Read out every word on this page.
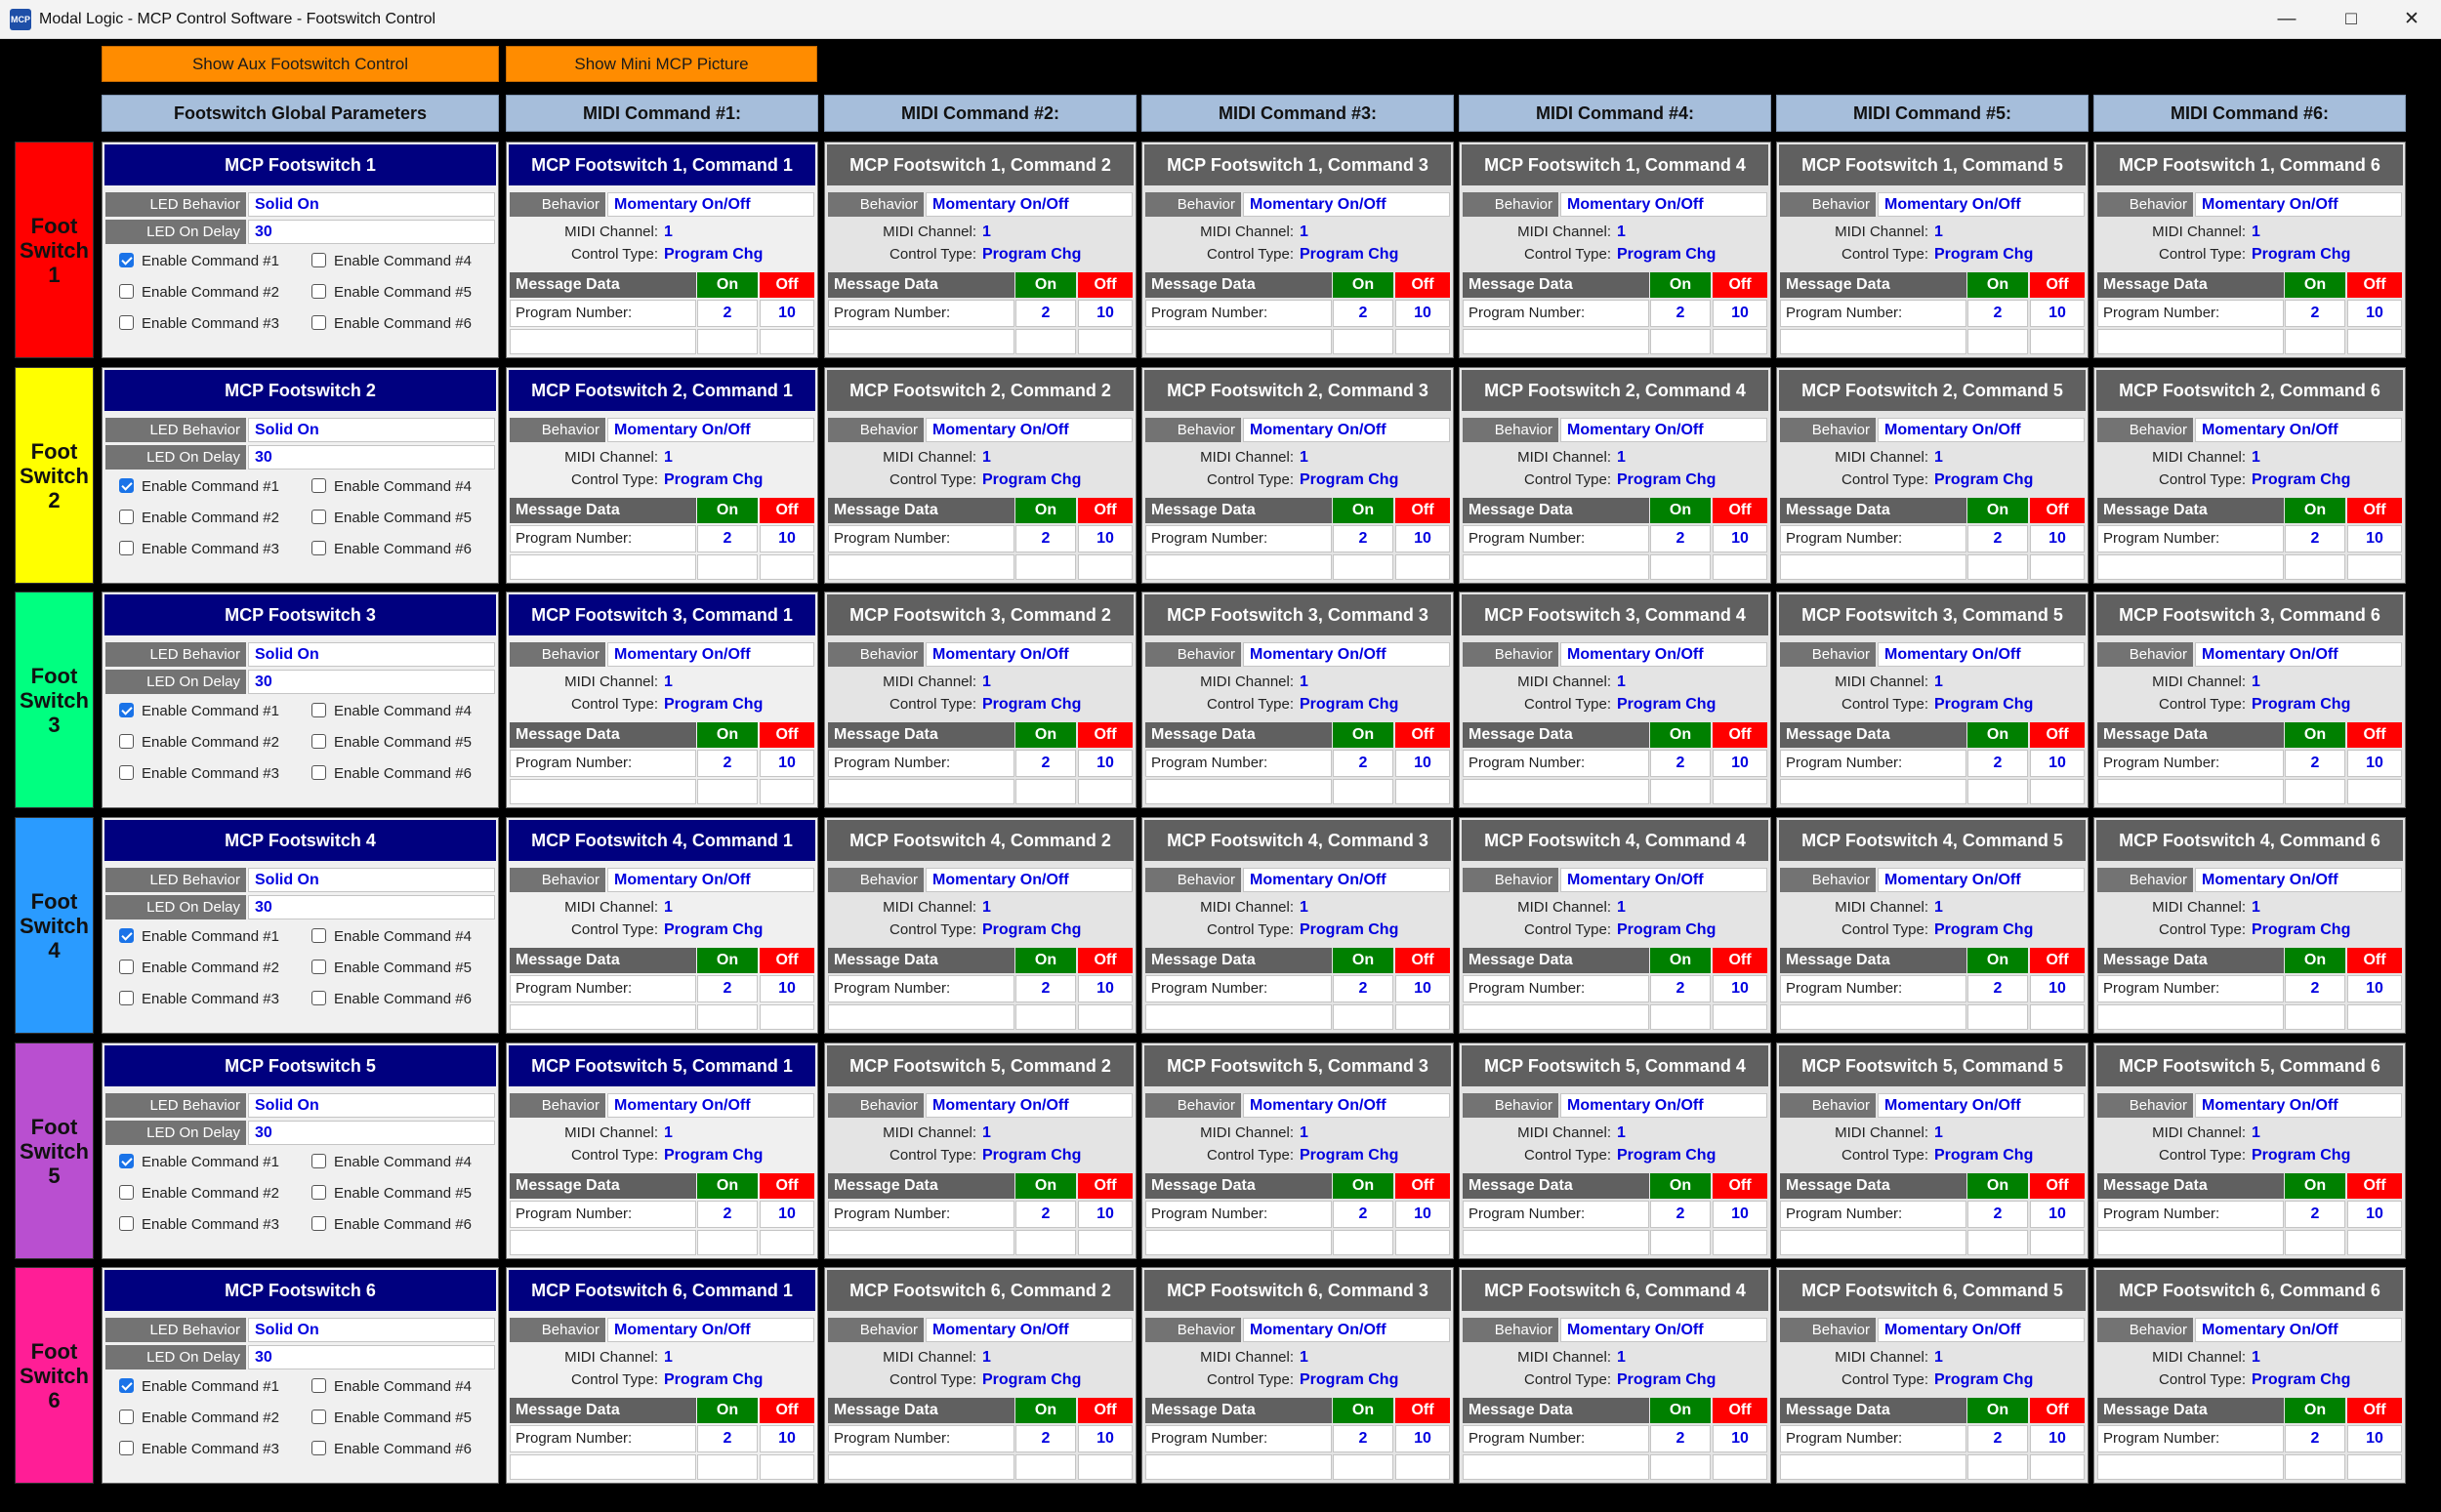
MCP Modal Logic - MCP Control Software - Footswitch Control	—	□	✕
Show Aux Footswitch Control	Show Mini MCP Picture
Footswitch Global Parameters	MIDI Command #1:	MIDI Command #2:	MIDI Command #3:	MIDI Command #4:	MIDI Command #5:	MIDI Command #6:
Foot
Switch
1
MCP Footswitch 1
LED Behavior Solid On
LED On Delay 30
Enable Command #1
Enable Command #2
Enable Command #3
Enable Command #4
Enable Command #5
Enable Command #6
MCP Footswitch 1, Command 1
Behavior Momentary On/Off
MIDI Channel: 1
Control Type: Program Chg
Message Data	On	Off
Program Number:	2	10
MCP Footswitch 1, Command 2
Behavior Momentary On/Off
MIDI Channel: 1
Control Type: Program Chg
Message Data	On	Off
Program Number:	2	10
MCP Footswitch 1, Command 3
Behavior Momentary On/Off
MIDI Channel: 1
Control Type: Program Chg
Message Data	On	Off
Program Number:	2	10
MCP Footswitch 1, Command 4
Behavior Momentary On/Off
MIDI Channel: 1
Control Type: Program Chg
Message Data	On	Off
Program Number:	2	10
MCP Footswitch 1, Command 5
Behavior Momentary On/Off
MIDI Channel: 1
Control Type: Program Chg
Message Data	On	Off
Program Number:	2	10
MCP Footswitch 1, Command 6
Behavior Momentary On/Off
MIDI Channel: 1
Control Type: Program Chg
Message Data	On	Off
Program Number:	2	10
Foot
Switch
2
MCP Footswitch 2
LED Behavior Solid On
LED On Delay 30
Enable Command #1
Enable Command #2
Enable Command #3
Enable Command #4
Enable Command #5
Enable Command #6
MCP Footswitch 2, Command 1
Behavior Momentary On/Off
MIDI Channel: 1
Control Type: Program Chg
Message Data	On	Off
Program Number:	2	10
MCP Footswitch 2, Command 2
Behavior Momentary On/Off
MIDI Channel: 1
Control Type: Program Chg
Message Data	On	Off
Program Number:	2	10
MCP Footswitch 2, Command 3
Behavior Momentary On/Off
MIDI Channel: 1
Control Type: Program Chg
Message Data	On	Off
Program Number:	2	10
MCP Footswitch 2, Command 4
Behavior Momentary On/Off
MIDI Channel: 1
Control Type: Program Chg
Message Data	On	Off
Program Number:	2	10
MCP Footswitch 2, Command 5
Behavior Momentary On/Off
MIDI Channel: 1
Control Type: Program Chg
Message Data	On	Off
Program Number:	2	10
MCP Footswitch 2, Command 6
Behavior Momentary On/Off
MIDI Channel: 1
Control Type: Program Chg
Message Data	On	Off
Program Number:	2	10
Foot
Switch
3
MCP Footswitch 3
LED Behavior Solid On
LED On Delay 30
Enable Command #1
Enable Command #2
Enable Command #3
Enable Command #4
Enable Command #5
Enable Command #6
MCP Footswitch 3, Command 1
Behavior Momentary On/Off
MIDI Channel: 1
Control Type: Program Chg
Message Data	On	Off
Program Number:	2	10
MCP Footswitch 3, Command 2
Behavior Momentary On/Off
MIDI Channel: 1
Control Type: Program Chg
Message Data	On	Off
Program Number:	2	10
MCP Footswitch 3, Command 3
Behavior Momentary On/Off
MIDI Channel: 1
Control Type: Program Chg
Message Data	On	Off
Program Number:	2	10
MCP Footswitch 3, Command 4
Behavior Momentary On/Off
MIDI Channel: 1
Control Type: Program Chg
Message Data	On	Off
Program Number:	2	10
MCP Footswitch 3, Command 5
Behavior Momentary On/Off
MIDI Channel: 1
Control Type: Program Chg
Message Data	On	Off
Program Number:	2	10
MCP Footswitch 3, Command 6
Behavior Momentary On/Off
MIDI Channel: 1
Control Type: Program Chg
Message Data	On	Off
Program Number:	2	10
Foot
Switch
4
MCP Footswitch 4
LED Behavior Solid On
LED On Delay 30
Enable Command #1
Enable Command #2
Enable Command #3
Enable Command #4
Enable Command #5
Enable Command #6
MCP Footswitch 4, Command 1
Behavior Momentary On/Off
MIDI Channel: 1
Control Type: Program Chg
Message Data	On	Off
Program Number:	2	10
MCP Footswitch 4, Command 2
Behavior Momentary On/Off
MIDI Channel: 1
Control Type: Program Chg
Message Data	On	Off
Program Number:	2	10
MCP Footswitch 4, Command 3
Behavior Momentary On/Off
MIDI Channel: 1
Control Type: Program Chg
Message Data	On	Off
Program Number:	2	10
MCP Footswitch 4, Command 4
Behavior Momentary On/Off
MIDI Channel: 1
Control Type: Program Chg
Message Data	On	Off
Program Number:	2	10
MCP Footswitch 4, Command 5
Behavior Momentary On/Off
MIDI Channel: 1
Control Type: Program Chg
Message Data	On	Off
Program Number:	2	10
MCP Footswitch 4, Command 6
Behavior Momentary On/Off
MIDI Channel: 1
Control Type: Program Chg
Message Data	On	Off
Program Number:	2	10
Foot
Switch
5
MCP Footswitch 5
LED Behavior Solid On
LED On Delay 30
Enable Command #1
Enable Command #2
Enable Command #3
Enable Command #4
Enable Command #5
Enable Command #6
MCP Footswitch 5, Command 1
Behavior Momentary On/Off
MIDI Channel: 1
Control Type: Program Chg
Message Data	On	Off
Program Number:	2	10
MCP Footswitch 5, Command 2
Behavior Momentary On/Off
MIDI Channel: 1
Control Type: Program Chg
Message Data	On	Off
Program Number:	2	10
MCP Footswitch 5, Command 3
Behavior Momentary On/Off
MIDI Channel: 1
Control Type: Program Chg
Message Data	On	Off
Program Number:	2	10
MCP Footswitch 5, Command 4
Behavior Momentary On/Off
MIDI Channel: 1
Control Type: Program Chg
Message Data	On	Off
Program Number:	2	10
MCP Footswitch 5, Command 5
Behavior Momentary On/Off
MIDI Channel: 1
Control Type: Program Chg
Message Data	On	Off
Program Number:	2	10
MCP Footswitch 5, Command 6
Behavior Momentary On/Off
MIDI Channel: 1
Control Type: Program Chg
Message Data	On	Off
Program Number:	2	10
Foot
Switch
6
MCP Footswitch 6
LED Behavior Solid On
LED On Delay 30
Enable Command #1
Enable Command #2
Enable Command #3
Enable Command #4
Enable Command #5
Enable Command #6
MCP Footswitch 6, Command 1
Behavior Momentary On/Off
MIDI Channel: 1
Control Type: Program Chg
Message Data	On	Off
Program Number:	2	10
MCP Footswitch 6, Command 2
Behavior Momentary On/Off
MIDI Channel: 1
Control Type: Program Chg
Message Data	On	Off
Program Number:	2	10
MCP Footswitch 6, Command 3
Behavior Momentary On/Off
MIDI Channel: 1
Control Type: Program Chg
Message Data	On	Off
Program Number:	2	10
MCP Footswitch 6, Command 4
Behavior Momentary On/Off
MIDI Channel: 1
Control Type: Program Chg
Message Data	On	Off
Program Number:	2	10
MCP Footswitch 6, Command 5
Behavior Momentary On/Off
MIDI Channel: 1
Control Type: Program Chg
Message Data	On	Off
Program Number:	2	10
MCP Footswitch 6, Command 6
Behavior Momentary On/Off
MIDI Channel: 1
Control Type: Program Chg
Message Data	On	Off
Program Number:	2	10
